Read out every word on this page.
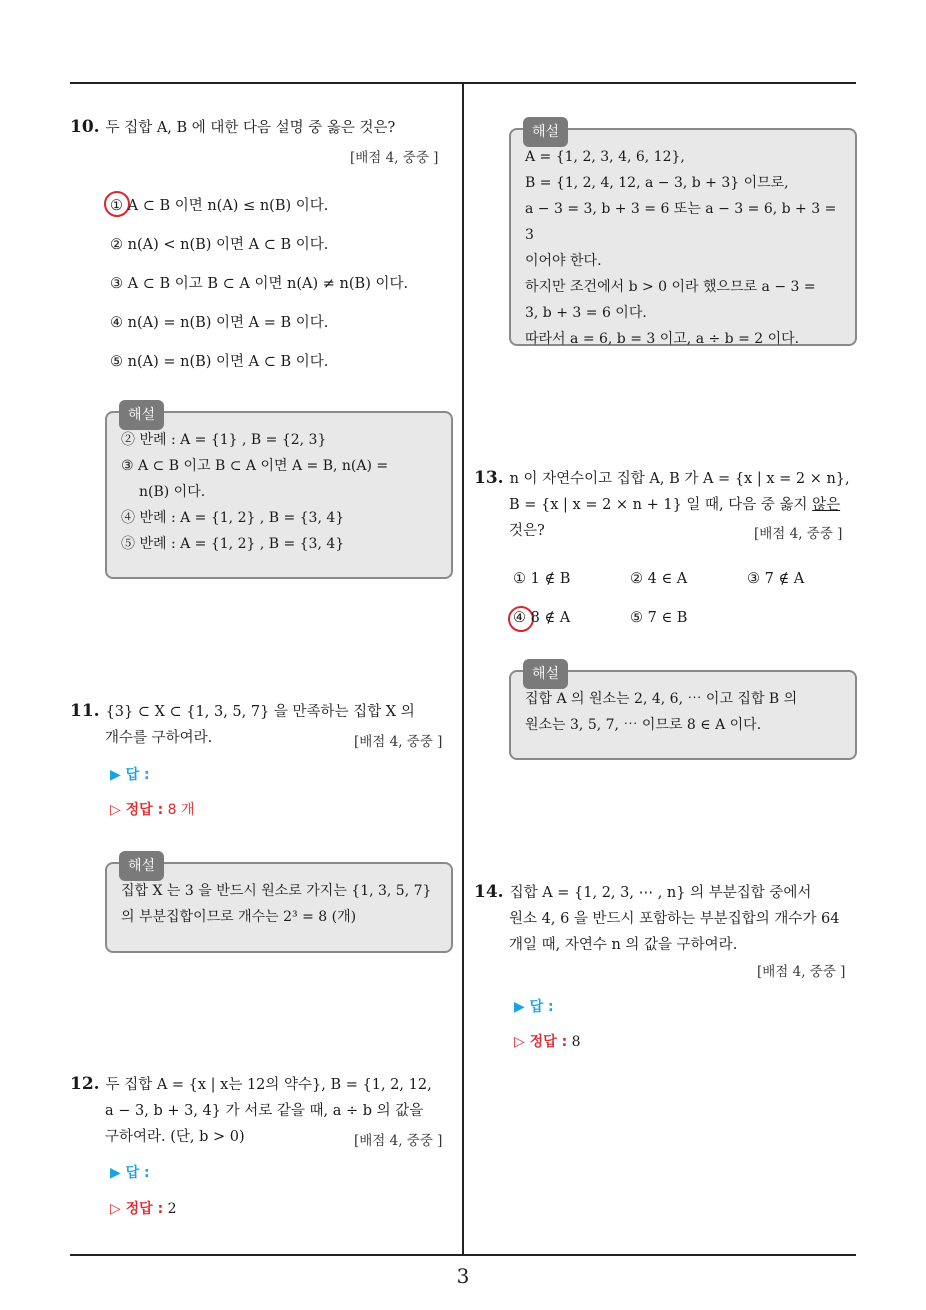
10. 두 집합 A, B 에 대한 다음 설명 중 옳은 것은?
[배점 4, 중중 ]
① A ⊂ B 이면 n(A) ≤ n(B) 이다.
② n(A) < n(B) 이면 A ⊂ B 이다.
③ A ⊂ B 이고 B ⊂ A 이면 n(A) ≠ n(B) 이다.
④ n(A) = n(B) 이면 A = B 이다.
⑤ n(A) = n(B) 이면 A ⊂ B 이다.
해설
② 반례 : A = {1} , B = {2, 3}
③ A ⊂ B 이고 B ⊂ A 이면 A = B, n(A) =
n(B) 이다.
④ 반례 : A = {1, 2} , B = {3, 4}
⑤ 반례 : A = {1, 2} , B = {3, 4}
11. {3} ⊂ X ⊂ {1, 3, 5, 7} 을 만족하는 집합 X 의
개수를 구하여라.	[배점 4, 중중 ]
▶ 답 :
▷ 정답 : 8 개
해설
집합 X 는 3 을 반드시 원소로 가지는 {1, 3, 5, 7}
의 부분집합이므로 개수는 2³ = 8 (개)
12. 두 집합 A = {x | x는 12의 약수}, B = {1, 2, 12,
a − 3, b + 3, 4} 가 서로 같을 때, a ÷ b 의 값을
구하여라. (단, b > 0)	[배점 4, 중중 ]
▶ 답 :
▷ 정답 : 2
해설
A = {1, 2, 3, 4, 6, 12},
B = {1, 2, 4, 12, a − 3, b + 3} 이므로,
a − 3 = 3, b + 3 = 6 또는 a − 3 = 6, b + 3 = 3
이어야 한다.
하지만 조건에서 b > 0 이라 했으므로 a − 3 =
3, b + 3 = 6 이다.
따라서 a = 6, b = 3 이고, a ÷ b = 2 이다.
13. n 이 자연수이고 집합 A, B 가 A = {x | x = 2 × n},
B = {x | x = 2 × n + 1} 일 때, 다음 중 옳지 않은
것은?	[배점 4, 중중 ]
① 1 ∉ B	② 4 ∈ A	③ 7 ∉ A
④ 8 ∉ A	⑤ 7 ∈ B
해설
집합 A 의 원소는 2, 4, 6, ⋯ 이고 집합 B 의
원소는 3, 5, 7, ⋯ 이므로 8 ∈ A 이다.
14. 집합 A = {1, 2, 3, ⋯ , n} 의 부분집합 중에서
원소 4, 6 을 반드시 포함하는 부분집합의 개수가 64
개일 때, 자연수 n 의 값을 구하여라.
[배점 4, 중중 ]
▶ 답 :
▷ 정답 : 8
3
